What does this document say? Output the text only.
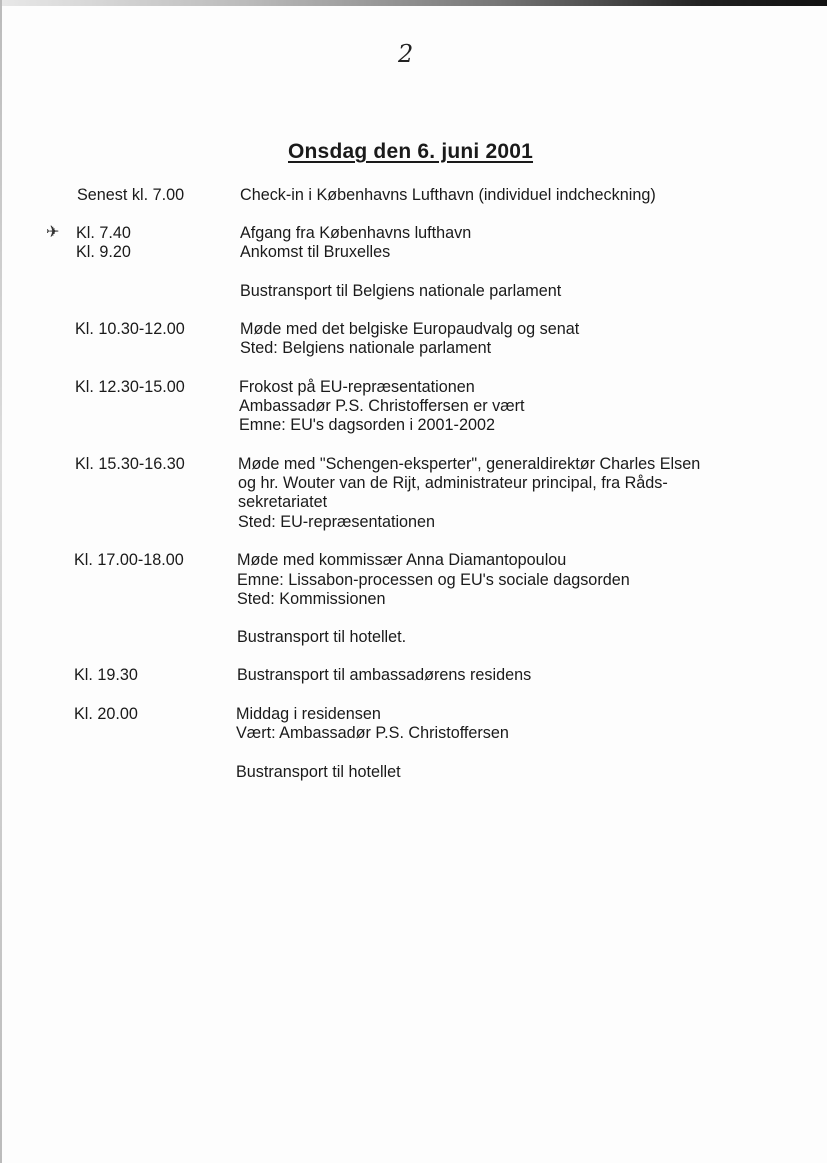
2
Onsdag den 6. juni 2001
✈
Senest kl. 7.00	Check-in i Københavns Lufthavn (individuel indcheckning)
Kl. 7.40	Afgang fra Københavns lufthavn
Kl. 9.20	Ankomst til Bruxelles
Bustransport til Belgiens nationale parlament
Kl. 10.30-12.00	Møde med det belgiske Europaudvalg og senat
Sted: Belgiens nationale parlament
Kl. 12.30-15.00	Frokost på EU-repræsentationen
Ambassadør P.S. Christoffersen er vært
Emne: EU's dagsorden i 2001-2002
Kl. 15.30-16.30	Møde med "Schengen-eksperter", generaldirektør Charles Elsen
og hr. Wouter van de Rijt, administrateur principal, fra Råds-
sekretariatet
Sted: EU-repræsentationen
Kl. 17.00-18.00	Møde med kommissær Anna Diamantopoulou
Emne: Lissabon-processen og EU's sociale dagsorden
Sted: Kommissionen
Bustransport til hotellet.
Kl. 19.30	Bustransport til ambassadørens residens
Kl. 20.00	Middag i residensen
Vært: Ambassadør P.S. Christoffersen
Bustransport til hotellet
